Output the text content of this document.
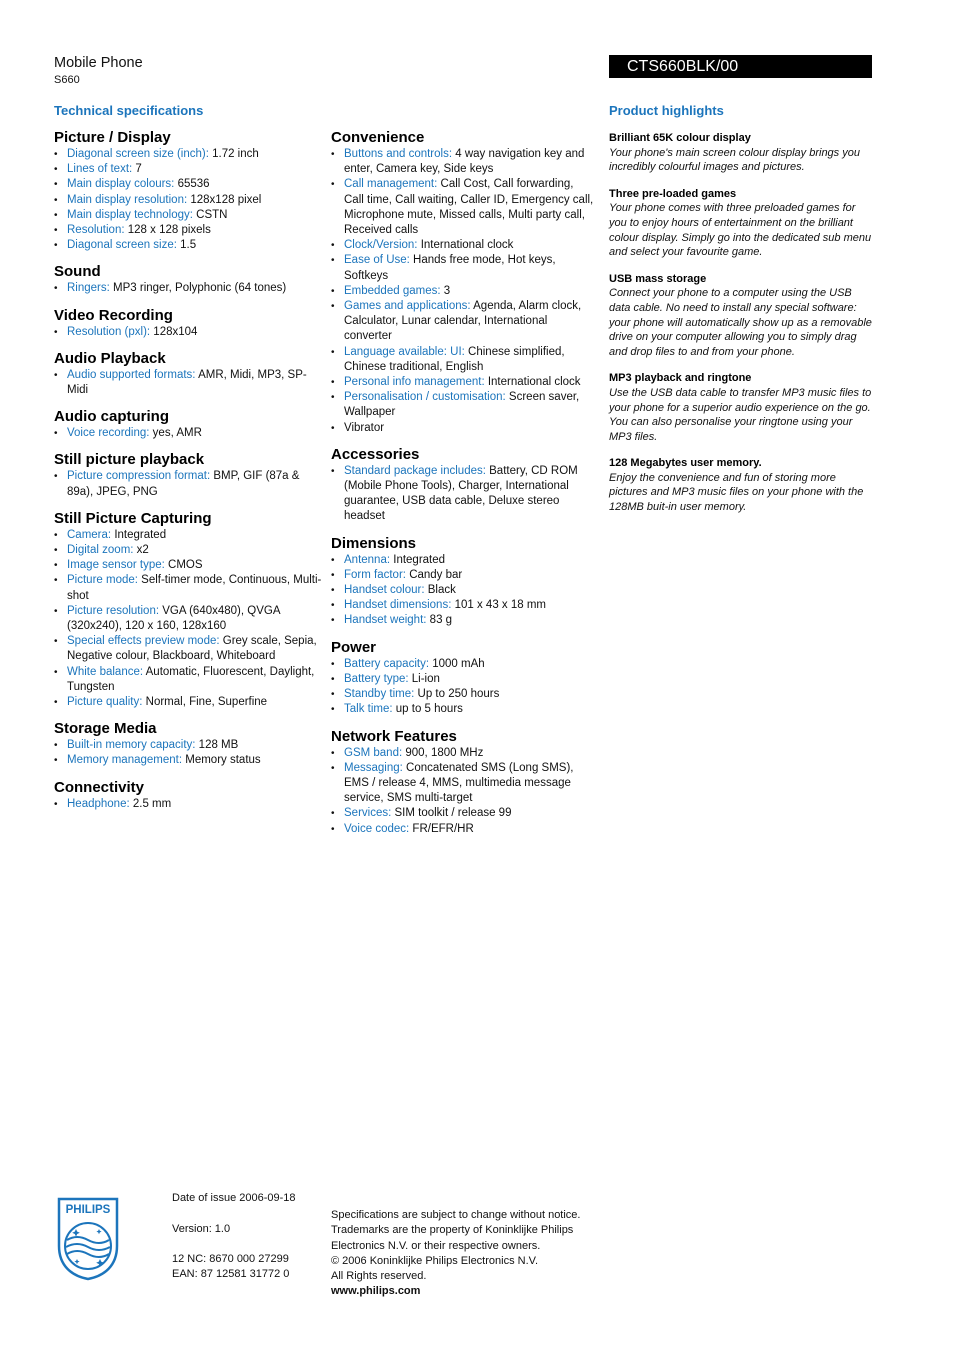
Mobile Phone
S660
CTS660BLK/00
Technical specifications	Product highlights
Picture / Display
• Diagonal screen size (inch): 1.72 inch
• Lines of text: 7
• Main display colours: 65536
• Main display resolution: 128x128 pixel
• Main display technology: CSTN
• Resolution: 128 x 128 pixels
• Diagonal screen size: 1.5
Sound
• Ringers: MP3 ringer, Polyphonic (64 tones)
Video Recording
• Resolution (pxl): 128x104
Audio Playback
• Audio supported formats: AMR, Midi, MP3, SP-Midi
Audio capturing
• Voice recording: yes, AMR
Still picture playback
• Picture compression format: BMP, GIF (87a & 89a), JPEG, PNG
Still Picture Capturing
• Camera: Integrated
• Digital zoom: x2
• Image sensor type: CMOS
• Picture mode: Self-timer mode, Continuous, Multi-shot
• Picture resolution: VGA (640x480), QVGA (320x240), 120 x 160, 128x160
• Special effects preview mode: Grey scale, Sepia, Negative colour, Blackboard, Whiteboard
• White balance: Automatic, Fluorescent, Daylight, Tungsten
• Picture quality: Normal, Fine, Superfine
Storage Media
• Built-in memory capacity: 128 MB
• Memory management: Memory status
Connectivity
• Headphone: 2.5 mm
Convenience
• Buttons and controls: 4 way navigation key and enter, Camera key, Side keys
• Call management: Call Cost, Call forwarding, Call time, Call waiting, Caller ID, Emergency call, Microphone mute, Missed calls, Multi party call, Received calls
• Clock/Version: International clock
• Ease of Use: Hands free mode, Hot keys, Softkeys
• Embedded games: 3
• Games and applications: Agenda, Alarm clock, Calculator, Lunar calendar, International converter
• Language available: UI: Chinese simplified, Chinese traditional, English
• Personal info management: International clock
• Personalisation / customisation: Screen saver, Wallpaper
• Vibrator
Accessories
• Standard package includes: Battery, CD ROM (Mobile Phone Tools), Charger, International guarantee, USB data cable, Deluxe stereo headset
Dimensions
• Antenna: Integrated
• Form factor: Candy bar
• Handset colour: Black
• Handset dimensions: 101 x 43 x 18 mm
• Handset weight: 83 g
Power
• Battery capacity: 1000 mAh
• Battery type: Li-ion
• Standby time: Up to 250 hours
• Talk time: up to 5 hours
Network Features
• GSM band: 900, 1800 MHz
• Messaging: Concatenated SMS (Long SMS), EMS / release 4, MMS, multimedia message service, SMS multi-target
• Services: SIM toolkit / release 99
• Voice codec: FR/EFR/HR
Brilliant 65K colour display
Your phone's main screen colour display brings you incredibly colourful images and pictures.
Three pre-loaded games
Your phone comes with three preloaded games for you to enjoy hours of entertainment on the brilliant colour display. Simply go into the dedicated sub menu and select your favourite game.
USB mass storage
Connect your phone to a computer using the USB data cable. No need to install any special software: your phone will automatically show up as a removable drive on your computer allowing you to simply drag and drop files to and from your phone.
MP3 playback and ringtone
Use the USB data cable to transfer MP3 music files to your phone for a superior audio experience on the go. You can also personalise your ringtone using your MP3 files.
128 Megabytes user memory.
Enjoy the convenience and fun of storing more pictures and MP3 music files on your phone with the 128MB buit-in user memory.
PHILIPS
Date of issue 2006-09-18
Version: 1.0
12 NC: 8670 000 27299
EAN: 87 12581 31772 0
Specifications are subject to change without notice.
Trademarks are the property of Koninklijke Philips
Electronics N.V. or their respective owners.
© 2006 Koninklijke Philips Electronics N.V.
All Rights reserved.
www.philips.com
